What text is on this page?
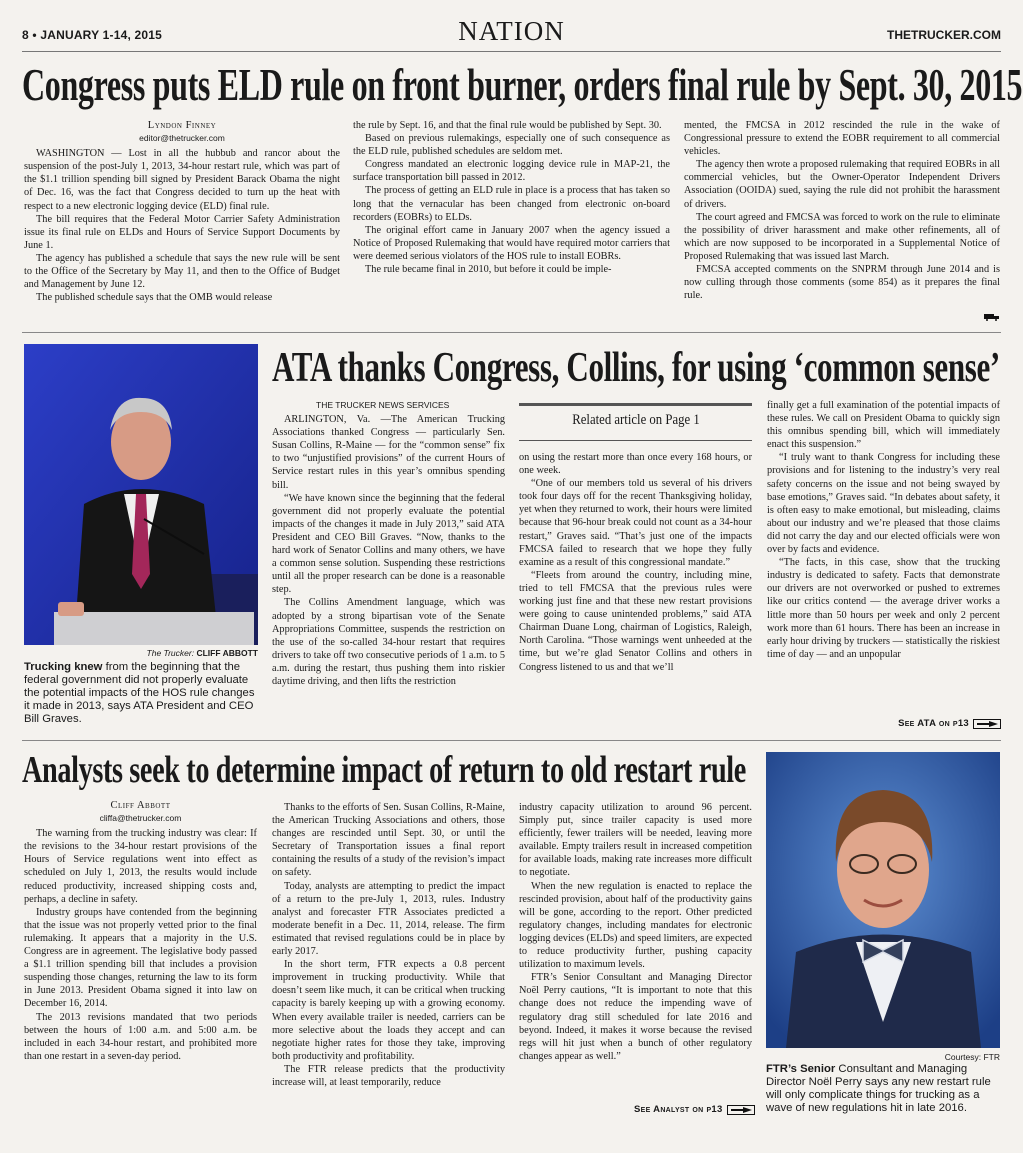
8 • JANUARY 1-14, 2015	NATION	THETRUCKER.COM
Congress puts ELD rule on front burner, orders final rule by Sept. 30, 2015
Lyndon Finney
editor@thetrucker.com

WASHINGTON — Lost in all the hubbub and rancor about the suspension of the post-July 1, 2013, 34-hour restart rule, which was part of the $1.1 trillion spending bill signed by President Barack Obama the night of Dec. 16, was the fact that Congress decided to turn up the heat with respect to a new electronic logging device (ELD) final rule.

The bill requires that the Federal Motor Carrier Safety Administration issue its final rule on ELDs and Hours of Service Support Documents by June 1.

The agency has published a schedule that says the new rule will be sent to the Office of the Secretary by May 11, and then to the Office of Budget and Management by June 12.

The published schedule says that the OMB would release

the rule by Sept. 16, and that the final rule would be published by Sept. 30.

Based on previous rulemakings, especially one of such consequence as the ELD rule, published schedules are seldom met.

Congress mandated an electronic logging device rule in MAP-21, the surface transportation bill passed in 2012.

The process of getting an ELD rule in place is a process that has taken so long that the vernacular has been changed from electronic on-board recorders (EOBRs) to ELDs.

The original effort came in January 2007 when the agency issued a Notice of Proposed Rulemaking that would have required motor carriers that were deemed serious violators of the HOS rule to install EOBRs.

The rule became final in 2010, but before it could be imple-

mented, the FMCSA in 2012 rescinded the rule in the wake of Congressional pressure to extend the EOBR requirement to all commercial vehicles.

The agency then wrote a proposed rulemaking that required EOBRs in all commercial vehicles, but the Owner-Operator Independent Drivers Association (OOIDA) sued, saying the rule did not prohibit the harassment of drivers.

The court agreed and FMCSA was forced to work on the rule to eliminate the possibility of driver harassment and make other refinements, all of which are now supposed to be incorporated in a Supplemental Notice of Proposed Rulemaking that was issued last March.

FMCSA accepted comments on the SNPRM through June 2014 and is now culling through those comments (some 854) as it prepares the final rule.

The Trucker: CLIFF ABBOTT
Trucking knew from the beginning that the federal government did not properly evaluate the potential impacts of the HOS rule changes it made in 2013, says ATA President and CEO Bill Graves.
ATA thanks Congress, Collins, for using ‘common sense’
THE TRUCKER NEWS SERVICES

ARLINGTON, Va. —The American Trucking Associations thanked Congress — particularly Sen. Susan Collins, R-Maine — for the “common sense” fix to two “unjustified provisions” of the current Hours of Service restart rules in this year’s omnibus spending bill.

“We have known since the beginning that the federal government did not properly evaluate the potential impacts of the changes it made in July 2013,” said ATA President and CEO Bill Graves. “Now, thanks to the hard work of Senator Collins and many others, we have a common sense solution. Suspending these restrictions until all the proper research can be done is a reasonable step.

The Collins Amendment language, which was adopted by a strong bipartisan vote of the Senate Appropriations Committee, suspends the restriction on the use of the so-called 34-hour restart that requires drivers to take off two consecutive periods of 1 a.m. to 5 a.m. during the restart, thus pushing them into riskier daytime driving, and then lifts the restriction

Related article on Page 1

on using the restart more than once every 168 hours, or one week.

“One of our members told us several of his drivers took four days off for the recent Thanksgiving holiday, yet when they returned to work, their hours were limited because that 96-hour break could not count as a 34-hour restart,” Graves said. “That’s just one of the impacts FMCSA failed to research that we hope they fully examine as a result of this congressional mandate.”

“Fleets from around the country, including mine, tried to tell FMCSA that the previous rules were working just fine and that these new restart provisions were going to cause unintended problems,” said ATA Chairman Duane Long, chairman of Logistics, Raleigh, North Carolina. “Those warnings went unheeded at the time, but we’re glad Senator Collins and others in Congress listened to us and that we’ll

finally get a full examination of the potential impacts of these rules. We call on President Obama to quickly sign this omnibus spending bill, which will immediately enact this suspension.”

“I truly want to thank Congress for including these provisions and for listening to the industry’s very real safety concerns on the issue and not being swayed by base emotions,” Graves said. “In debates about safety, it is often easy to make emotional, but misleading, claims about our industry and we’re pleased that those claims did not carry the day and our elected officials were won over by facts and evidence.

“The facts, in this case, show that the trucking industry is dedicated to safety. Facts that demonstrate our drivers are not overworked or pushed to extremes like our critics contend — the average driver works a little more than 50 hours per week and only 2 percent work more than 61 hours. There has been an increase in early hour driving by truckers — statistically the riskiest time of day — and an unpopular

See ATA on p13
Analysts seek to determine impact of return to old restart rule
Cliff Abbott
cliffa@thetrucker.com

The warning from the trucking industry was clear: If the revisions to the 34-hour restart provisions of the Hours of Service regulations went into effect as scheduled on July 1, 2013, the results would include reduced productivity, increased shipping costs and, perhaps, a decline in safety.

Industry groups have contended from the beginning that the issue was not properly vetted prior to the final rulemaking. It appears that a majority in the U.S. Congress are in agreement. The legislative body passed a $1.1 trillion spending bill that includes a provision suspending those changes, returning the law to its form in June 2013. President Obama signed it into law on December 16, 2014.

The 2013 revisions mandated that two periods between the hours of 1:00 a.m. and 5:00 a.m. be included in each 34-hour restart, and prohibited more than one restart in a seven-day period.

Thanks to the efforts of Sen. Susan Collins, R-Maine, the American Trucking Associations and others, those changes are rescinded until Sept. 30, or until the Secretary of Transportation issues a final report containing the results of a study of the revision’s impact on safety.

Today, analysts are attempting to predict the impact of a return to the pre-July 1, 2013, rules. Industry analyst and forecaster FTR Associates predicted a moderate benefit in a Dec. 11, 2014, release. The firm estimated that revised regulations could be in place by early 2017.

In the short term, FTR expects a 0.8 percent improvement in trucking productivity. While that doesn’t seem like much, it can be critical when trucking capacity is barely keeping up with a growing economy. When every available trailer is needed, carriers can be more selective about the loads they accept and can negotiate higher rates for those they take, improving both productivity and profitability.

The FTR release predicts that the productivity increase will, at least temporarily, reduce

industry capacity utilization to around 96 percent. Simply put, since trailer capacity is used more efficiently, fewer trailers will be needed, leaving more available. Empty trailers result in increased competition for available loads, making rate increases more difficult to negotiate.

When the new regulation is enacted to replace the rescinded provision, about half of the productivity gains will be gone, according to the report. Other predicted regulatory changes, including mandates for electronic logging devices (ELDs) and speed limiters, are expected to reduce productivity further, pushing capacity utilization to maximum levels.

FTR’s Senior Consultant and Managing Director Noël Perry cautions, “It is important to note that this change does not reduce the impending wave of regulatory drag still scheduled for late 2016 and beyond. Indeed, it makes it worse because the revised regs will hit just when a bunch of other regulatory changes appear as well.”

See Analyst on p13
Courtesy: FTR
FTR’s Senior Consultant and Managing Director Noël Perry says any new restart rule will only complicate things for trucking as a wave of new regulations hit in late 2016.
